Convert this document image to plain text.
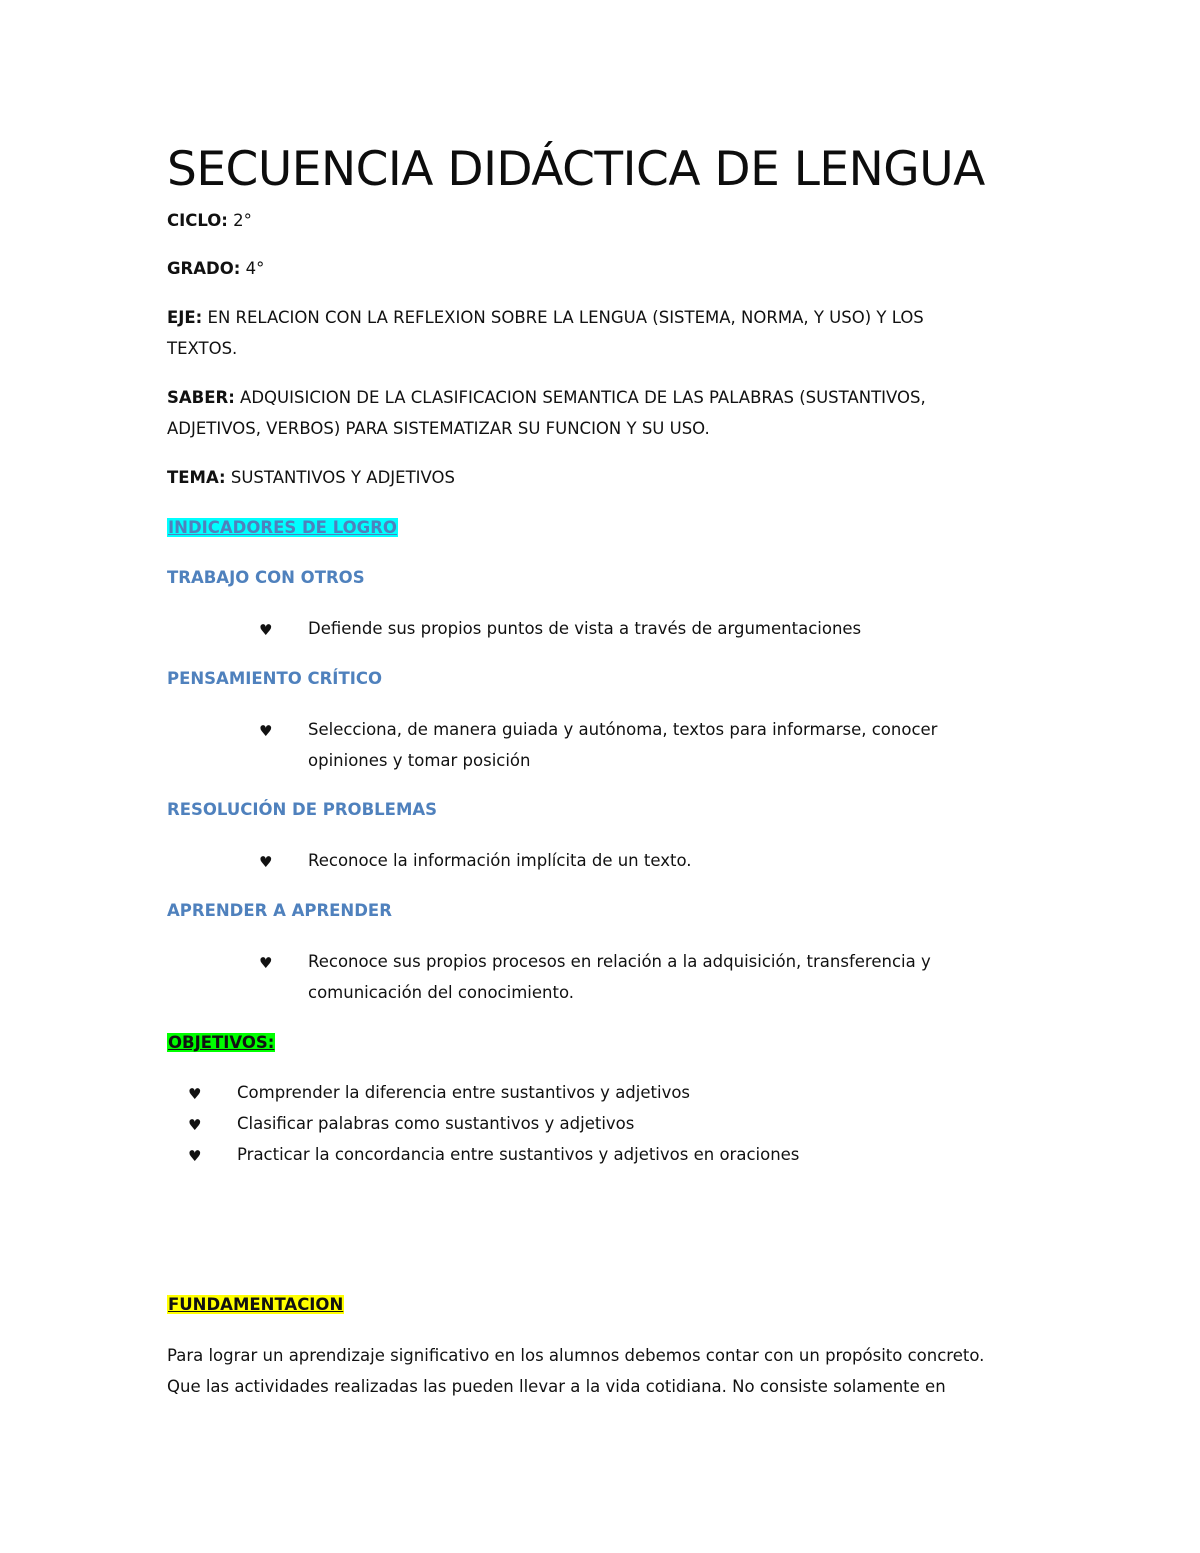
SECUENCIA DIDÁCTICA DE LENGUA
CICLO: 2°
GRADO: 4°
EJE: EN RELACION CON LA REFLEXION SOBRE LA LENGUA (SISTEMA, NORMA, Y USO) Y LOS
TEXTOS.
SABER: ADQUISICION DE LA CLASIFICACION SEMANTICA DE LAS PALABRAS (SUSTANTIVOS,
ADJETIVOS, VERBOS) PARA SISTEMATIZAR SU FUNCION Y SU USO.
TEMA: SUSTANTIVOS Y ADJETIVOS
INDICADORES DE LOGRO
TRABAJO CON OTROS
♥ Defiende sus propios puntos de vista a través de argumentaciones
PENSAMIENTO CRÍTICO
♥ Selecciona, de manera guiada y autónoma, textos para informarse, conocer opiniones y tomar posición
RESOLUCIÓN DE PROBLEMAS
♥ Reconoce la información implícita de un texto.
APRENDER A APRENDER
♥ Reconoce sus propios procesos en relación a la adquisición, transferencia y comunicación del conocimiento.
OBJETIVOS:
♥ Comprender la diferencia entre sustantivos y adjetivos
♥ Clasificar palabras como sustantivos y adjetivos
♥ Practicar la concordancia entre sustantivos y adjetivos en oraciones
FUNDAMENTACION
Para lograr un aprendizaje significativo en los alumnos debemos contar con un propósito concreto.
Que las actividades realizadas las pueden llevar a la vida cotidiana. No consiste solamente en
